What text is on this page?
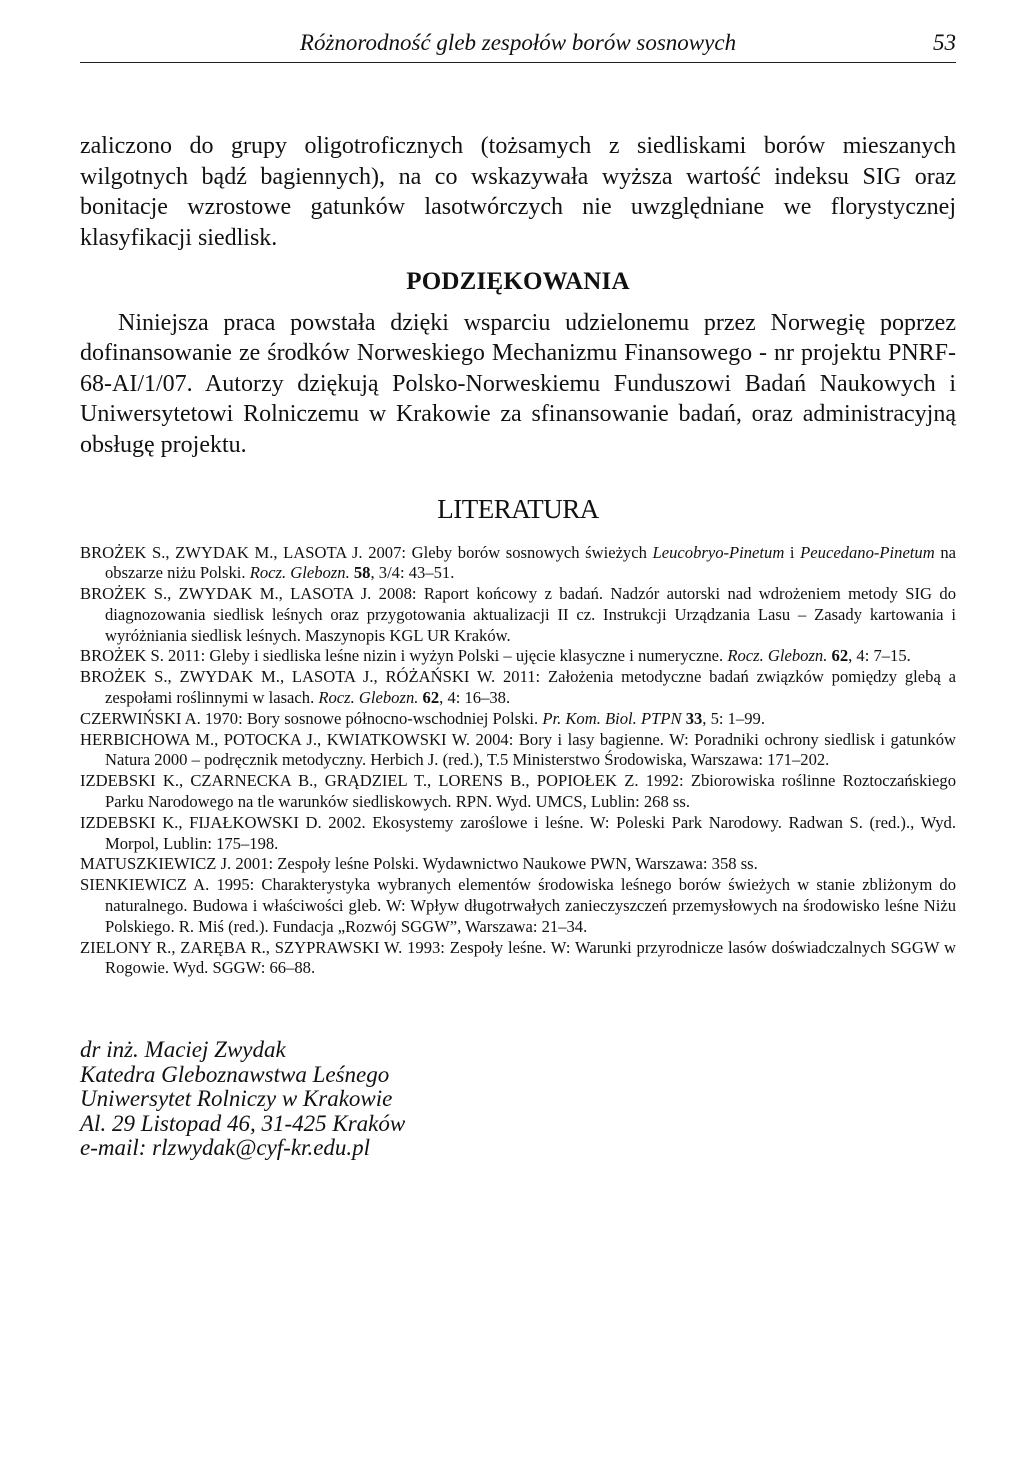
Różnorodność gleb zespołów borów sosnowych	53

zaliczono do grupy oligotroficznych (tożsamych z siedliskami borów mieszanych wilgotnych bądź bagiennych), na co wskazywała wyższa wartość indeksu SIG oraz bonitacje wzrostowe gatunków lasotwórczych nie uwzględniane we florystycznej klasyfikacji siedlisk.

PODZIĘKOWANIA

Niniejsza praca powstała dzięki wsparciu udzielonemu przez Norwegię poprzez dofinansowanie ze środków Norweskiego Mechanizmu Finansowego - nr projektu PNRF-68-AI/1/07. Autorzy dziękują Polsko-Norweskiemu Funduszowi Badań Naukowych i Uniwersytetowi Rolniczemu w Krakowie za sfinansowanie badań, oraz administracyjną obsługę projektu.

LITERATURA

BROŻEK S., ZWYDAK M., LASOTA J. 2007: Gleby borów sosnowych świeżych Leucobryo-Pinetum i Peucedano-Pinetum na obszarze niżu Polski. Rocz. Glebozn. 58, 3/4: 43–51.

BROŻEK S., ZWYDAK M., LASOTA J. 2008: Raport końcowy z badań. Nadzór autorski nad wdrożeniem metody SIG do diagnozowania siedlisk leśnych oraz przygotowania aktualizacji II cz. Instrukcji Urządzania Lasu – Zasady kartowania i wyróżniania siedlisk leśnych. Maszynopis KGL UR Kraków.

BROŻEK S. 2011: Gleby i siedliska leśne nizin i wyżyn Polski – ujęcie klasyczne i numeryczne. Rocz. Glebozn. 62, 4: 7–15.

BROŻEK S., ZWYDAK M., LASOTA J., RÓŻAŃSKI W. 2011: Założenia metodyczne badań związków pomiędzy glebą a zespołami roślinnymi w lasach. Rocz. Glebozn. 62, 4: 16–38.

CZERWIŃSKI A. 1970: Bory sosnowe północno-wschodniej Polski. Pr. Kom. Biol. PTPN 33, 5: 1–99.

HERBICHOWA M., POTOCKA J., KWIATKOWSKI W. 2004: Bory i lasy bagienne. W: Poradniki ochrony siedlisk i gatunków Natura 2000 – podręcznik metodyczny. Herbich J. (red.), T.5 Ministerstwo Środowiska, Warszawa: 171–202.

IZDEBSKI K., CZARNECKA B., GRĄDZIEL T., LORENS B., POPIOŁEK Z. 1992: Zbiorowiska roślinne Roztoczańskiego Parku Narodowego na tle warunków siedliskowych. RPN. Wyd. UMCS, Lublin: 268 ss.

IZDEBSKI K., FIJAŁKOWSKI D. 2002. Ekosystemy zaroślowe i leśne. W: Poleski Park Narodowy. Radwan S. (red.)., Wyd. Morpol, Lublin: 175–198.

MATUSZKIEWICZ J. 2001: Zespoły leśne Polski. Wydawnictwo Naukowe PWN, Warszawa: 358 ss.

SIENKIEWICZ A. 1995: Charakterystyka wybranych elementów środowiska leśnego borów świeżych w stanie zbliżonym do naturalnego. Budowa i właściwości gleb. W: Wpływ długotrwałych zanieczyszczeń przemysłowych na środowisko leśne Niżu Polskiego. R. Miś (red.). Fundacja „Rozwój SGGW”, Warszawa: 21–34.

ZIELONY R., ZARĘBA R., SZYPRAWSKI W. 1993: Zespoły leśne. W: Warunki przyrodnicze lasów doświadczalnych SGGW w Rogowie. Wyd. SGGW: 66–88.

dr inż. Maciej Zwydak
Katedra Gleboznawstwa Leśnego
Uniwersytet Rolniczy w Krakowie
Al. 29 Listopad 46, 31-425 Kraków
e-mail: rlzwydak@cyf-kr.edu.pl
